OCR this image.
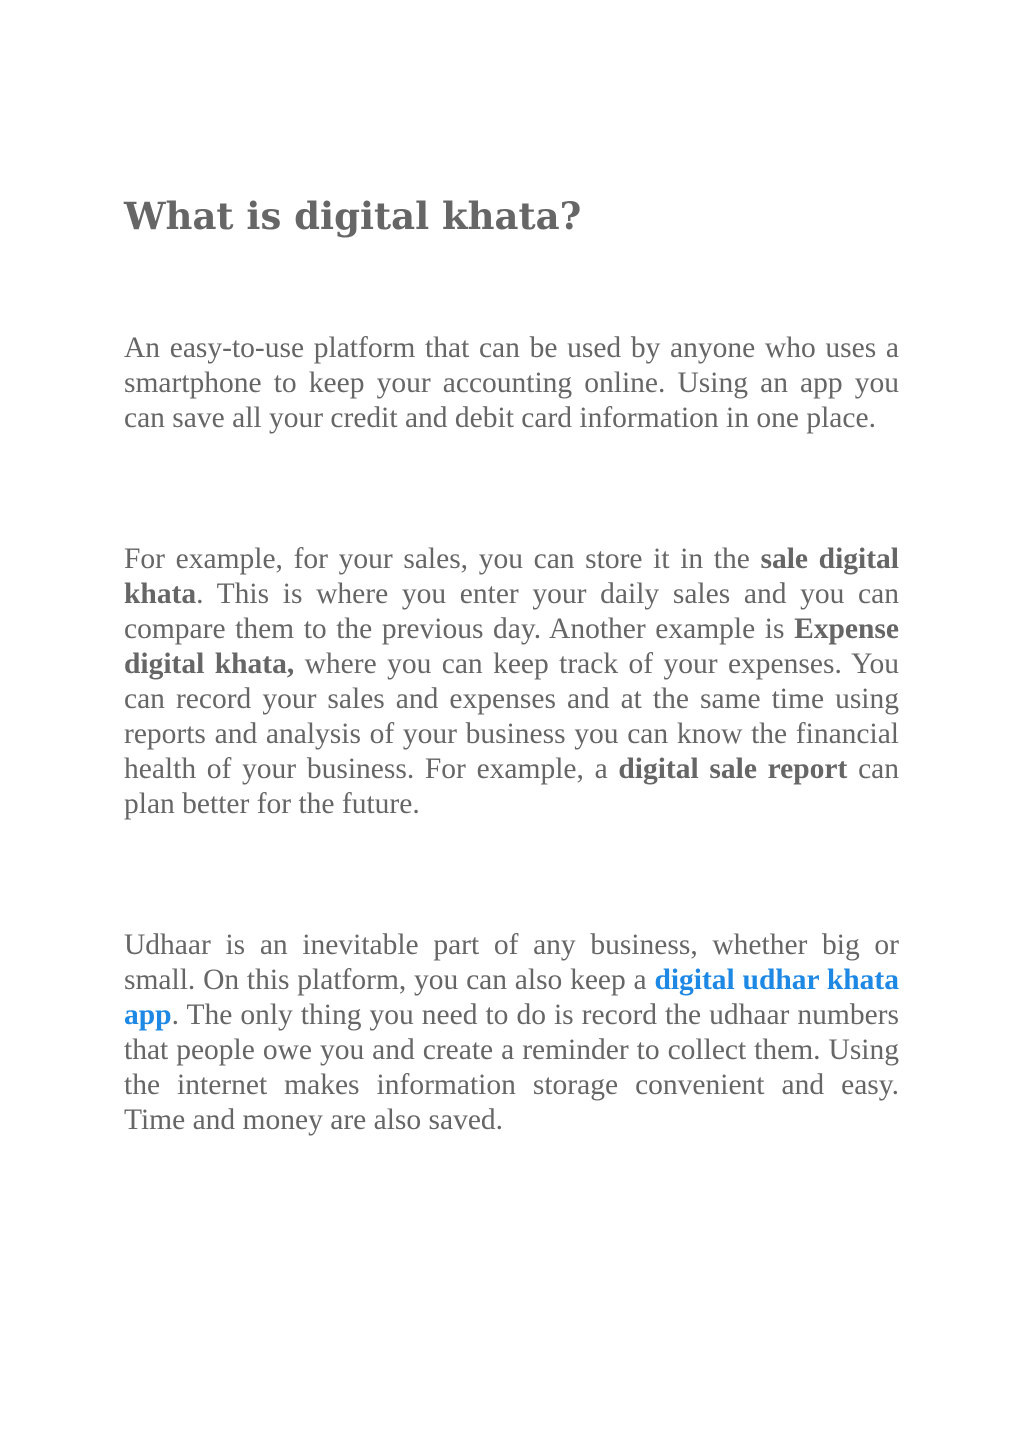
What is digital khata?

An easy-to-use platform that can be used by anyone who uses a smartphone to keep your accounting online. Using an app you can save all your credit and debit card information in one place.

For example, for your sales, you can store it in the sale digital khata. This is where you enter your daily sales and you can compare them to the previous day. Another example is Expense digital khata, where you can keep track of your expenses. You can record your sales and expenses and at the same time using reports and analysis of your business you can know the financial health of your business. For example, a digital sale report can plan better for the future.

Udhaar is an inevitable part of any business, whether big or small. On this platform, you can also keep a digital udhar khata app. The only thing you need to do is record the udhaar numbers that people owe you and create a reminder to collect them. Using the internet makes information storage convenient and easy. Time and money are also saved.
